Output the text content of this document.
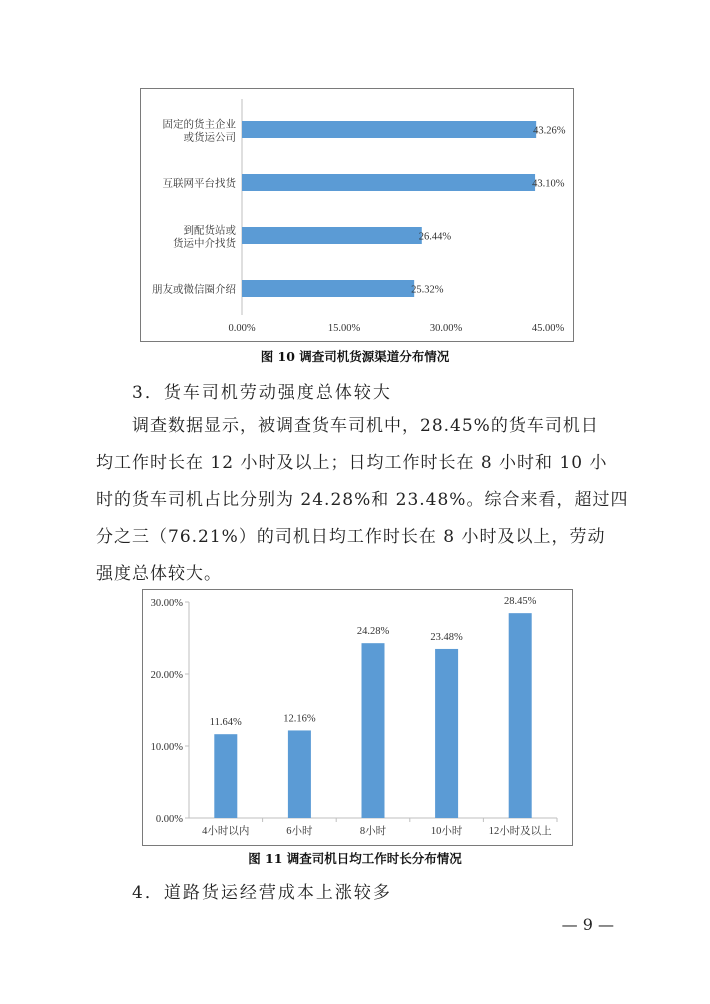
固定的货主企业或货运公司
43.26%
互联网平台找货	43.10%
到配货站或货运中介找货
26.44%
朋友或微信圈介绍	25.32%
0.00%	15.00%	30.00%	45.00%
图 10 调查司机货源渠道分布情况
3．货车司机劳动强度总体较大
调查数据显示，被调查货车司机中，28.45%的货车司机日
均工作时长在 12 小时及以上；日均工作时长在 8 小时和 10 小
时的货车司机占比分别为 24.28%和 23.48%。综合来看，超过四
分之三（76.21%）的司机日均工作时长在 8 小时及以上，劳动
强度总体较大。
0.00%
10.00%
20.00%
30.00%
11.64%
4小时以内
12.16%
6小时
24.28%
8小时
23.48%
10小时
28.45%
12小时及以上
图 11 调查司机日均工作时长分布情况
4．道路货运经营成本上涨较多
— 9 —
